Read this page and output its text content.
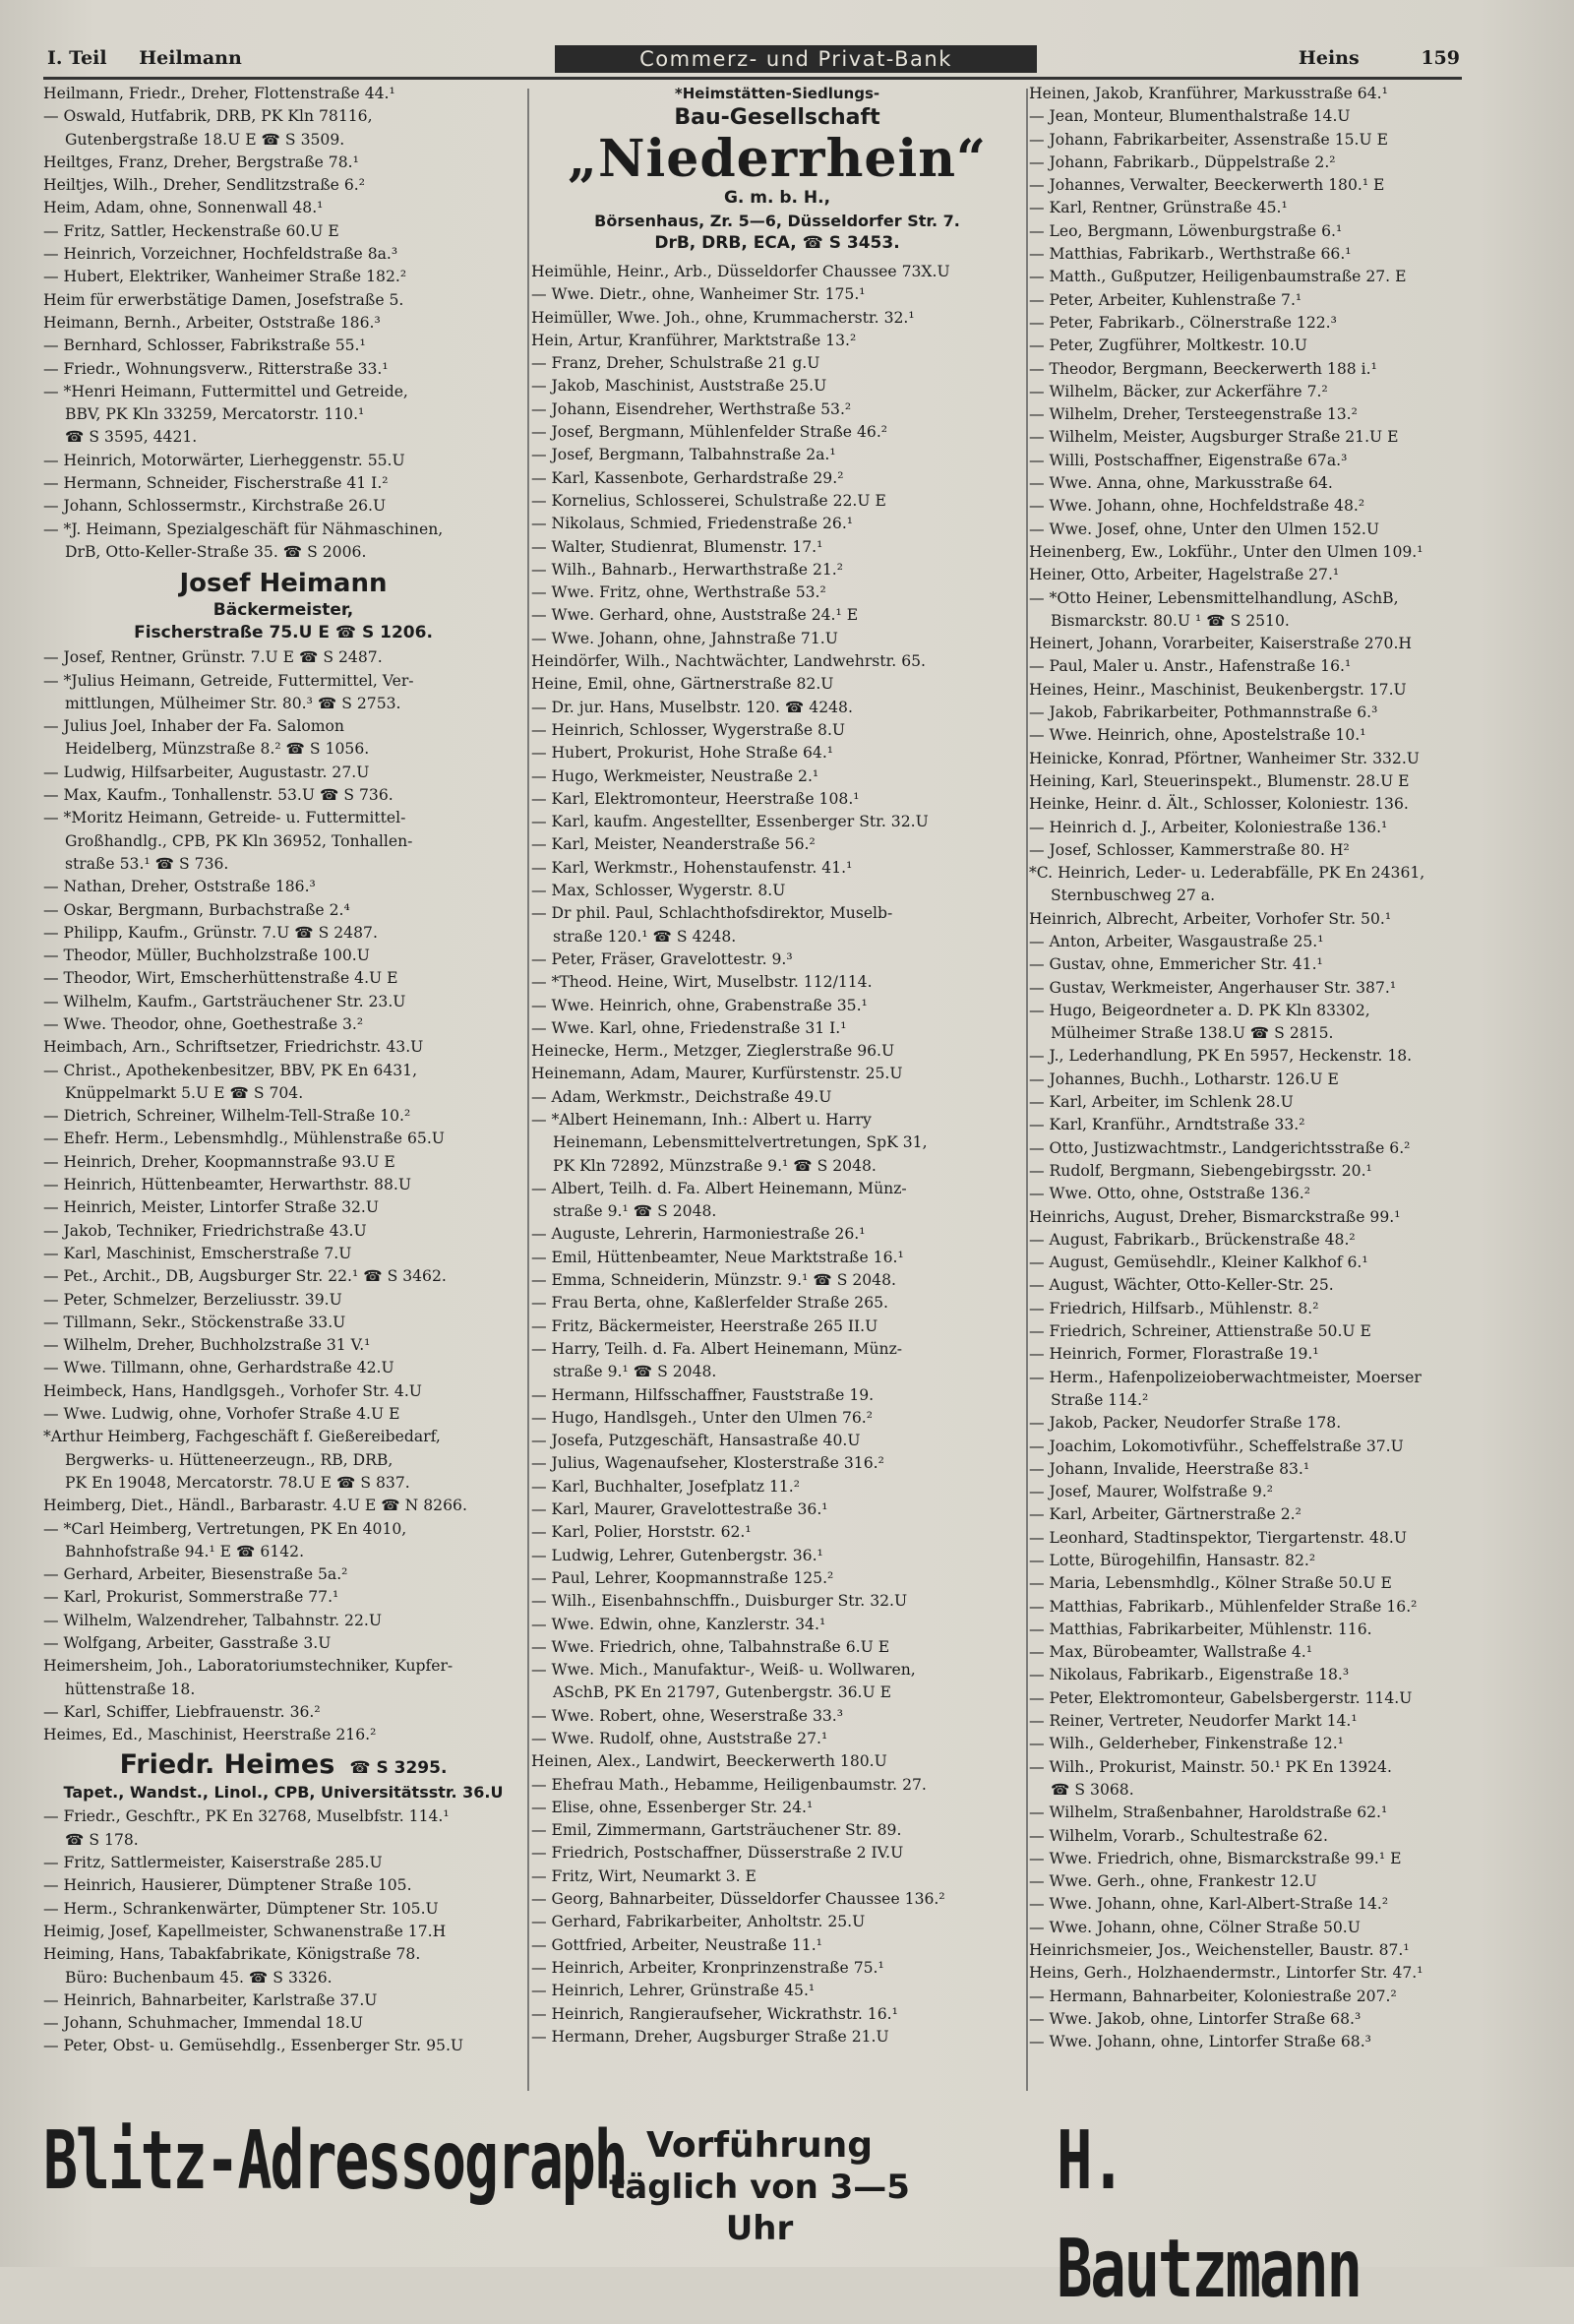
I. Teil Heilmann	Commerz- und Privat-Bank	Heins	159
Heilmann, Friedr., Dreher, Flottenstraße 44.¹
— Oswald, Hutfabrik, DRB, PK Kln 78116,
Gutenbergstraße 18.U E ☎ S 3509.
Heiltges, Franz, Dreher, Bergstraße 78.¹
Heiltjes, Wilh., Dreher, Sendlitzstraße 6.²
Heim, Adam, ohne, Sonnenwall 48.¹
— Fritz, Sattler, Heckenstraße 60.U E
— Heinrich, Vorzeichner, Hochfeldstraße 8a.³
— Hubert, Elektriker, Wanheimer Straße 182.²
Heim für erwerbstätige Damen, Josefstraße 5.
Heimann, Bernh., Arbeiter, Oststraße 186.³
— Bernhard, Schlosser, Fabrikstraße 55.¹
— Friedr., Wohnungsverw., Ritterstraße 33.¹
— *Henri Heimann, Futtermittel und Getreide,
BBV, PK Kln 33259, Mercatorstr. 110.¹
☎ S 3595, 4421.
— Heinrich, Motorwärter, Lierheggenstr. 55.U
— Hermann, Schneider, Fischerstraße 41 I.²
— Johann, Schlossermstr., Kirchstraße 26.U
— *J. Heimann, Spezialgeschäft für Nähmaschinen,
DrB, Otto-Keller-Straße 35. ☎ S 2006.
Josef Heimann
Bäckermeister,
Fischerstraße 75.U E ☎ S 1206.
— Josef, Rentner, Grünstr. 7.U E ☎ S 2487.
— *Julius Heimann, Getreide, Futtermittel, Ver-
mittlungen, Mülheimer Str. 80.³ ☎ S 2753.
— Julius Joel, Inhaber der Fa. Salomon
Heidelberg, Münzstraße 8.² ☎ S 1056.
— Ludwig, Hilfsarbeiter, Augustastr. 27.U
— Max, Kaufm., Tonhallenstr. 53.U ☎ S 736.
— *Moritz Heimann, Getreide- u. Futtermittel-
Großhandlg., CPB, PK Kln 36952, Tonhallen-
straße 53.¹ ☎ S 736.
— Nathan, Dreher, Oststraße 186.³
— Oskar, Bergmann, Burbachstraße 2.⁴
— Philipp, Kaufm., Grünstr. 7.U ☎ S 2487.
— Theodor, Müller, Buchholzstraße 100.U
— Theodor, Wirt, Emscherhüttenstraße 4.U E
— Wilhelm, Kaufm., Gartsträuchener Str. 23.U
— Wwe. Theodor, ohne, Goethestraße 3.²
Heimbach, Arn., Schriftsetzer, Friedrichstr. 43.U
— Christ., Apothekenbesitzer, BBV, PK En 6431,
Knüppelmarkt 5.U E ☎ S 704.
— Dietrich, Schreiner, Wilhelm-Tell-Straße 10.²
— Ehefr. Herm., Lebensmhdlg., Mühlenstraße 65.U
— Heinrich, Dreher, Koopmannstraße 93.U E
— Heinrich, Hüttenbeamter, Herwarthstr. 88.U
— Heinrich, Meister, Lintorfer Straße 32.U
— Jakob, Techniker, Friedrichstraße 43.U
— Karl, Maschinist, Emscherstraße 7.U
— Pet., Archit., DB, Augsburger Str. 22.¹ ☎ S 3462.
— Peter, Schmelzer, Berzeliusstr. 39.U
— Tillmann, Sekr., Stöckenstraße 33.U
— Wilhelm, Dreher, Buchholzstraße 31 V.¹
— Wwe. Tillmann, ohne, Gerhardstraße 42.U
Heimbeck, Hans, Handlgsgeh., Vorhofer Str. 4.U
— Wwe. Ludwig, ohne, Vorhofer Straße 4.U E
*Arthur Heimberg, Fachgeschäft f. Gießereibedarf,
Bergwerks- u. Hütteneerzeugn., RB, DRB,
PK En 19048, Mercatorstr. 78.U E ☎ S 837.
Heimberg, Diet., Händl., Barbarastr. 4.U E ☎ N 8266.
— *Carl Heimberg, Vertretungen, PK En 4010,
Bahnhofstraße 94.¹ E ☎ 6142.
— Gerhard, Arbeiter, Biesenstraße 5a.²
— Karl, Prokurist, Sommerstraße 77.¹
— Wilhelm, Walzendreher, Talbahnstr. 22.U
— Wolfgang, Arbeiter, Gasstraße 3.U
Heimersheim, Joh., Laboratoriumstechniker, Kupfer-
hüttenstraße 18.
— Karl, Schiffer, Liebfrauenstr. 36.²
Heimes, Ed., Maschinist, Heerstraße 216.²
Friedr. Heimes ☎ S 3295.
Tapet., Wandst., Linol., CPB, Universitätsstr. 36.U
— Friedr., Geschftr., PK En 32768, Muselbfstr. 114.¹
☎ S 178.
— Fritz, Sattlermeister, Kaiserstraße 285.U
— Heinrich, Hausierer, Dümptener Straße 105.
— Herm., Schrankenwärter, Dümptener Str. 105.U
Heimig, Josef, Kapellmeister, Schwanenstraße 17.H
Heiming, Hans, Tabakfabrikate, Königstraße 78.
Büro: Buchenbaum 45. ☎ S 3326.
— Heinrich, Bahnarbeiter, Karlstraße 37.U
— Johann, Schuhmacher, Immendal 18.U
— Peter, Obst- u. Gemüsehdlg., Essenberger Str. 95.U
*Heimstätten-Siedlungs-
Bau-Gesellschaft
„Niederrhein“
G. m. b. H.,
Börsenhaus, Zr. 5—6, Düsseldorfer Str. 7.
DrB, DRB, ECA, ☎ S 3453.
Heimühle, Heinr., Arb., Düsseldorfer Chaussee 73X.U
— Wwe. Dietr., ohne, Wanheimer Str. 175.¹
Heimüller, Wwe. Joh., ohne, Krummacherstr. 32.¹
Hein, Artur, Kranführer, Marktstraße 13.²
— Franz, Dreher, Schulstraße 21 g.U
— Jakob, Maschinist, Auststraße 25.U
— Johann, Eisendreher, Werthstraße 53.²
— Josef, Bergmann, Mühlenfelder Straße 46.²
— Josef, Bergmann, Talbahnstraße 2a.¹
— Karl, Kassenbote, Gerhardstraße 29.²
— Kornelius, Schlosserei, Schulstraße 22.U E
— Nikolaus, Schmied, Friedenstraße 26.¹
— Walter, Studienrat, Blumenstr. 17.¹
— Wilh., Bahnarb., Herwarthstraße 21.²
— Wwe. Fritz, ohne, Werthstraße 53.²
— Wwe. Gerhard, ohne, Auststraße 24.¹ E
— Wwe. Johann, ohne, Jahnstraße 71.U
Heindörfer, Wilh., Nachtwächter, Landwehrstr. 65.
Heine, Emil, ohne, Gärtnerstraße 82.U
— Dr. jur. Hans, Muselbstr. 120. ☎ 4248.
— Heinrich, Schlosser, Wygerstraße 8.U
— Hubert, Prokurist, Hohe Straße 64.¹
— Hugo, Werkmeister, Neustraße 2.¹
— Karl, Elektromonteur, Heerstraße 108.¹
— Karl, kaufm. Angestellter, Essenberger Str. 32.U
— Karl, Meister, Neanderstraße 56.²
— Karl, Werkmstr., Hohenstaufenstr. 41.¹
— Max, Schlosser, Wygerstr. 8.U
— Dr phil. Paul, Schlachthofsdirektor, Muselb-
straße 120.¹ ☎ S 4248.
— Peter, Fräser, Gravelottestr. 9.³
— *Theod. Heine, Wirt, Muselbstr. 112/114.
— Wwe. Heinrich, ohne, Grabenstraße 35.¹
— Wwe. Karl, ohne, Friedenstraße 31 I.¹
Heinecke, Herm., Metzger, Zieglerstraße 96.U
Heinemann, Adam, Maurer, Kurfürstenstr. 25.U
— Adam, Werkmstr., Deichstraße 49.U
— *Albert Heinemann, Inh.: Albert u. Harry
Heinemann, Lebensmittelvertretungen, SpK 31,
PK Kln 72892, Münzstraße 9.¹ ☎ S 2048.
— Albert, Teilh. d. Fa. Albert Heinemann, Münz-
straße 9.¹ ☎ S 2048.
— Auguste, Lehrerin, Harmoniestraße 26.¹
— Emil, Hüttenbeamter, Neue Marktstraße 16.¹
— Emma, Schneiderin, Münzstr. 9.¹ ☎ S 2048.
— Frau Berta, ohne, Kaßlerfelder Straße 265.
— Fritz, Bäckermeister, Heerstraße 265 II.U
— Harry, Teilh. d. Fa. Albert Heinemann, Münz-
straße 9.¹ ☎ S 2048.
— Hermann, Hilfsschaffner, Fauststraße 19.
— Hugo, Handlsgeh., Unter den Ulmen 76.²
— Josefa, Putzgeschäft, Hansastraße 40.U
— Julius, Wagenaufseher, Klosterstraße 316.²
— Karl, Buchhalter, Josefplatz 11.²
— Karl, Maurer, Gravelottestraße 36.¹
— Karl, Polier, Horststr. 62.¹
— Ludwig, Lehrer, Gutenbergstr. 36.¹
— Paul, Lehrer, Koopmannstraße 125.²
— Wilh., Eisenbahnschffn., Duisburger Str. 32.U
— Wwe. Edwin, ohne, Kanzlerstr. 34.¹
— Wwe. Friedrich, ohne, Talbahnstraße 6.U E
— Wwe. Mich., Manufaktur-, Weiß- u. Wollwaren,
ASchB, PK En 21797, Gutenbergstr. 36.U E
— Wwe. Robert, ohne, Weserstraße 33.³
— Wwe. Rudolf, ohne, Auststraße 27.¹
Heinen, Alex., Landwirt, Beeckerwerth 180.U
— Ehefrau Math., Hebamme, Heiligenbaumstr. 27.
— Elise, ohne, Essenberger Str. 24.¹
— Emil, Zimmermann, Gartsträuchener Str. 89.
— Friedrich, Postschaffner, Düsserstraße 2 IV.U
— Fritz, Wirt, Neumarkt 3. E
— Georg, Bahnarbeiter, Düsseldorfer Chaussee 136.²
— Gerhard, Fabrikarbeiter, Anholtstr. 25.U
— Gottfried, Arbeiter, Neustraße 11.¹
— Heinrich, Arbeiter, Kronprinzenstraße 75.¹
— Heinrich, Lehrer, Grünstraße 45.¹
— Heinrich, Rangieraufseher, Wickrathstr. 16.¹
— Hermann, Dreher, Augsburger Straße 21.U
Heinen, Jakob, Kranführer, Markusstraße 64.¹
— Jean, Monteur, Blumenthalstraße 14.U
— Johann, Fabrikarbeiter, Assenstraße 15.U E
— Johann, Fabrikarb., Düppelstraße 2.²
— Johannes, Verwalter, Beeckerwerth 180.¹ E
— Karl, Rentner, Grünstraße 45.¹
— Leo, Bergmann, Löwenburgstraße 6.¹
— Matthias, Fabrikarb., Werthstraße 66.¹
— Matth., Gußputzer, Heiligenbaumstraße 27. E
— Peter, Arbeiter, Kuhlenstraße 7.¹
— Peter, Fabrikarb., Cölnerstraße 122.³
— Peter, Zugführer, Moltkestr. 10.U
— Theodor, Bergmann, Beeckerwerth 188 i.¹
— Wilhelm, Bäcker, zur Ackerfähre 7.²
— Wilhelm, Dreher, Tersteegenstraße 13.²
— Wilhelm, Meister, Augsburger Straße 21.U E
— Willi, Postschaffner, Eigenstraße 67a.³
— Wwe. Anna, ohne, Markusstraße 64.
— Wwe. Johann, ohne, Hochfeldstraße 48.²
— Wwe. Josef, ohne, Unter den Ulmen 152.U
Heinenberg, Ew., Lokführ., Unter den Ulmen 109.¹
Heiner, Otto, Arbeiter, Hagelstraße 27.¹
— *Otto Heiner, Lebensmittelhandlung, ASchB,
Bismarckstr. 80.U ¹ ☎ S 2510.
Heinert, Johann, Vorarbeiter, Kaiserstraße 270.H
— Paul, Maler u. Anstr., Hafenstraße 16.¹
Heines, Heinr., Maschinist, Beukenbergstr. 17.U
— Jakob, Fabrikarbeiter, Pothmannstraße 6.³
— Wwe. Heinrich, ohne, Apostelstraße 10.¹
Heinicke, Konrad, Pförtner, Wanheimer Str. 332.U
Heining, Karl, Steuerinspekt., Blumenstr. 28.U E
Heinke, Heinr. d. Ält., Schlosser, Koloniestr. 136.
— Heinrich d. J., Arbeiter, Koloniestraße 136.¹
— Josef, Schlosser, Kammerstraße 80. H²
*C. Heinrich, Leder- u. Lederabfälle, PK En 24361,
Sternbuschweg 27 a.
Heinrich, Albrecht, Arbeiter, Vorhofer Str. 50.¹
— Anton, Arbeiter, Wasgaustraße 25.¹
— Gustav, ohne, Emmericher Str. 41.¹
— Gustav, Werkmeister, Angerhauser Str. 387.¹
— Hugo, Beigeordneter a. D. PK Kln 83302,
Mülheimer Straße 138.U ☎ S 2815.
— J., Lederhandlung, PK En 5957, Heckenstr. 18.
— Johannes, Buchh., Lotharstr. 126.U E
— Karl, Arbeiter, im Schlenk 28.U
— Karl, Kranführ., Arndtstraße 33.²
— Otto, Justizwachtmstr., Landgerichtsstraße 6.²
— Rudolf, Bergmann, Siebengebirgsstr. 20.¹
— Wwe. Otto, ohne, Oststraße 136.²
Heinrichs, August, Dreher, Bismarckstraße 99.¹
— August, Fabrikarb., Brückenstraße 48.²
— August, Gemüsehdlr., Kleiner Kalkhof 6.¹
— August, Wächter, Otto-Keller-Str. 25.
— Friedrich, Hilfsarb., Mühlenstr. 8.²
— Friedrich, Schreiner, Attienstraße 50.U E
— Heinrich, Former, Florastraße 19.¹
— Herm., Hafenpolizeioberwachtmeister, Moerser
Straße 114.²
— Jakob, Packer, Neudorfer Straße 178.
— Joachim, Lokomotivführ., Scheffelstraße 37.U
— Johann, Invalide, Heerstraße 83.¹
— Josef, Maurer, Wolfstraße 9.²
— Karl, Arbeiter, Gärtnerstraße 2.²
— Leonhard, Stadtinspektor, Tiergartenstr. 48.U
— Lotte, Bürogehilfin, Hansastr. 82.²
— Maria, Lebensmhdlg., Kölner Straße 50.U E
— Matthias, Fabrikarb., Mühlenfelder Straße 16.²
— Matthias, Fabrikarbeiter, Mühlenstr. 116.
— Max, Bürobeamter, Wallstraße 4.¹
— Nikolaus, Fabrikarb., Eigenstraße 18.³
— Peter, Elektromonteur, Gabelsbergerstr. 114.U
— Reiner, Vertreter, Neudorfer Markt 14.¹
— Wilh., Gelderheber, Finkenstraße 12.¹
— Wilh., Prokurist, Mainstr. 50.¹ PK En 13924.
☎ S 3068.
— Wilhelm, Straßenbahner, Haroldstraße 62.¹
— Wilhelm, Vorarb., Schultestraße 62.
— Wwe. Friedrich, ohne, Bismarckstraße 99.¹ E
— Wwe. Gerh., ohne, Frankestr 12.U
— Wwe. Johann, ohne, Karl-Albert-Straße 14.²
— Wwe. Johann, ohne, Cölner Straße 50.U
Heinrichsmeier, Jos., Weichensteller, Baustr. 87.¹
Heins, Gerh., Holzhaendermstr., Lintorfer Str. 47.¹
— Hermann, Bahnarbeiter, Koloniestraße 207.²
— Wwe. Jakob, ohne, Lintorfer Straße 68.³
— Wwe. Johann, ohne, Lintorfer Straße 68.³
Blitz-Adressograph Vorführung
täglich von 3—5 Uhr
H. Bautzmann
